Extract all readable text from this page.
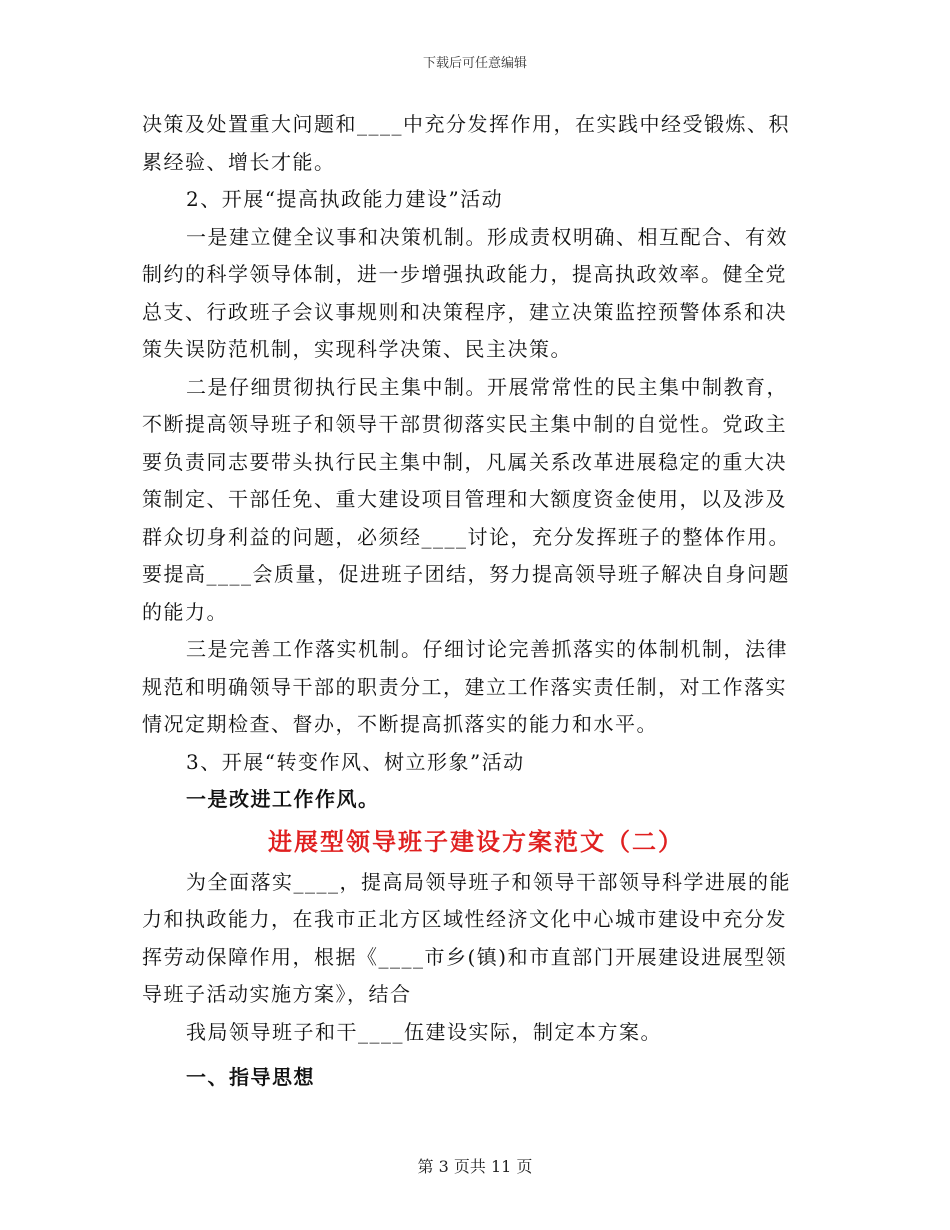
下载后可任意编辑
决策及处置重大问题和____中充分发挥作用，在实践中经受锻炼、积
累经验、增长才能。
2、开展“提高执政能力建设”活动
一是建立健全议事和决策机制。形成责权明确、相互配合、有效
制约的科学领导体制，进一步增强执政能力，提高执政效率。健全党
总支、行政班子会议事规则和决策程序，建立决策监控预警体系和决
策失误防范机制，实现科学决策、民主决策。
二是仔细贯彻执行民主集中制。开展常常性的民主集中制教育，
不断提高领导班子和领导干部贯彻落实民主集中制的自觉性。党政主
要负责同志要带头执行民主集中制，凡属关系改革进展稳定的重大决
策制定、干部任免、重大建设项目管理和大额度资金使用，以及涉及
群众切身利益的问题，必须经____讨论，充分发挥班子的整体作用。
要提高____会质量，促进班子团结，努力提高领导班子解决自身问题
的能力。
三是完善工作落实机制。仔细讨论完善抓落实的体制机制，法律
规范和明确领导干部的职责分工，建立工作落实责任制，对工作落实
情况定期检查、督办，不断提高抓落实的能力和水平。
3、开展“转变作风、树立形象”活动
一是改进工作作风。
进展型领导班子建设方案范文（二）
为全面落实____，提高局领导班子和领导干部领导科学进展的能
力和执政能力，在我市正北方区域性经济文化中心城市建设中充分发
挥劳动保障作用，根据《____市乡(镇)和市直部门开展建设进展型领
导班子活动实施方案》，结合
我局领导班子和干____伍建设实际，制定本方案。
一、指导思想
第 3 页共 11 页
